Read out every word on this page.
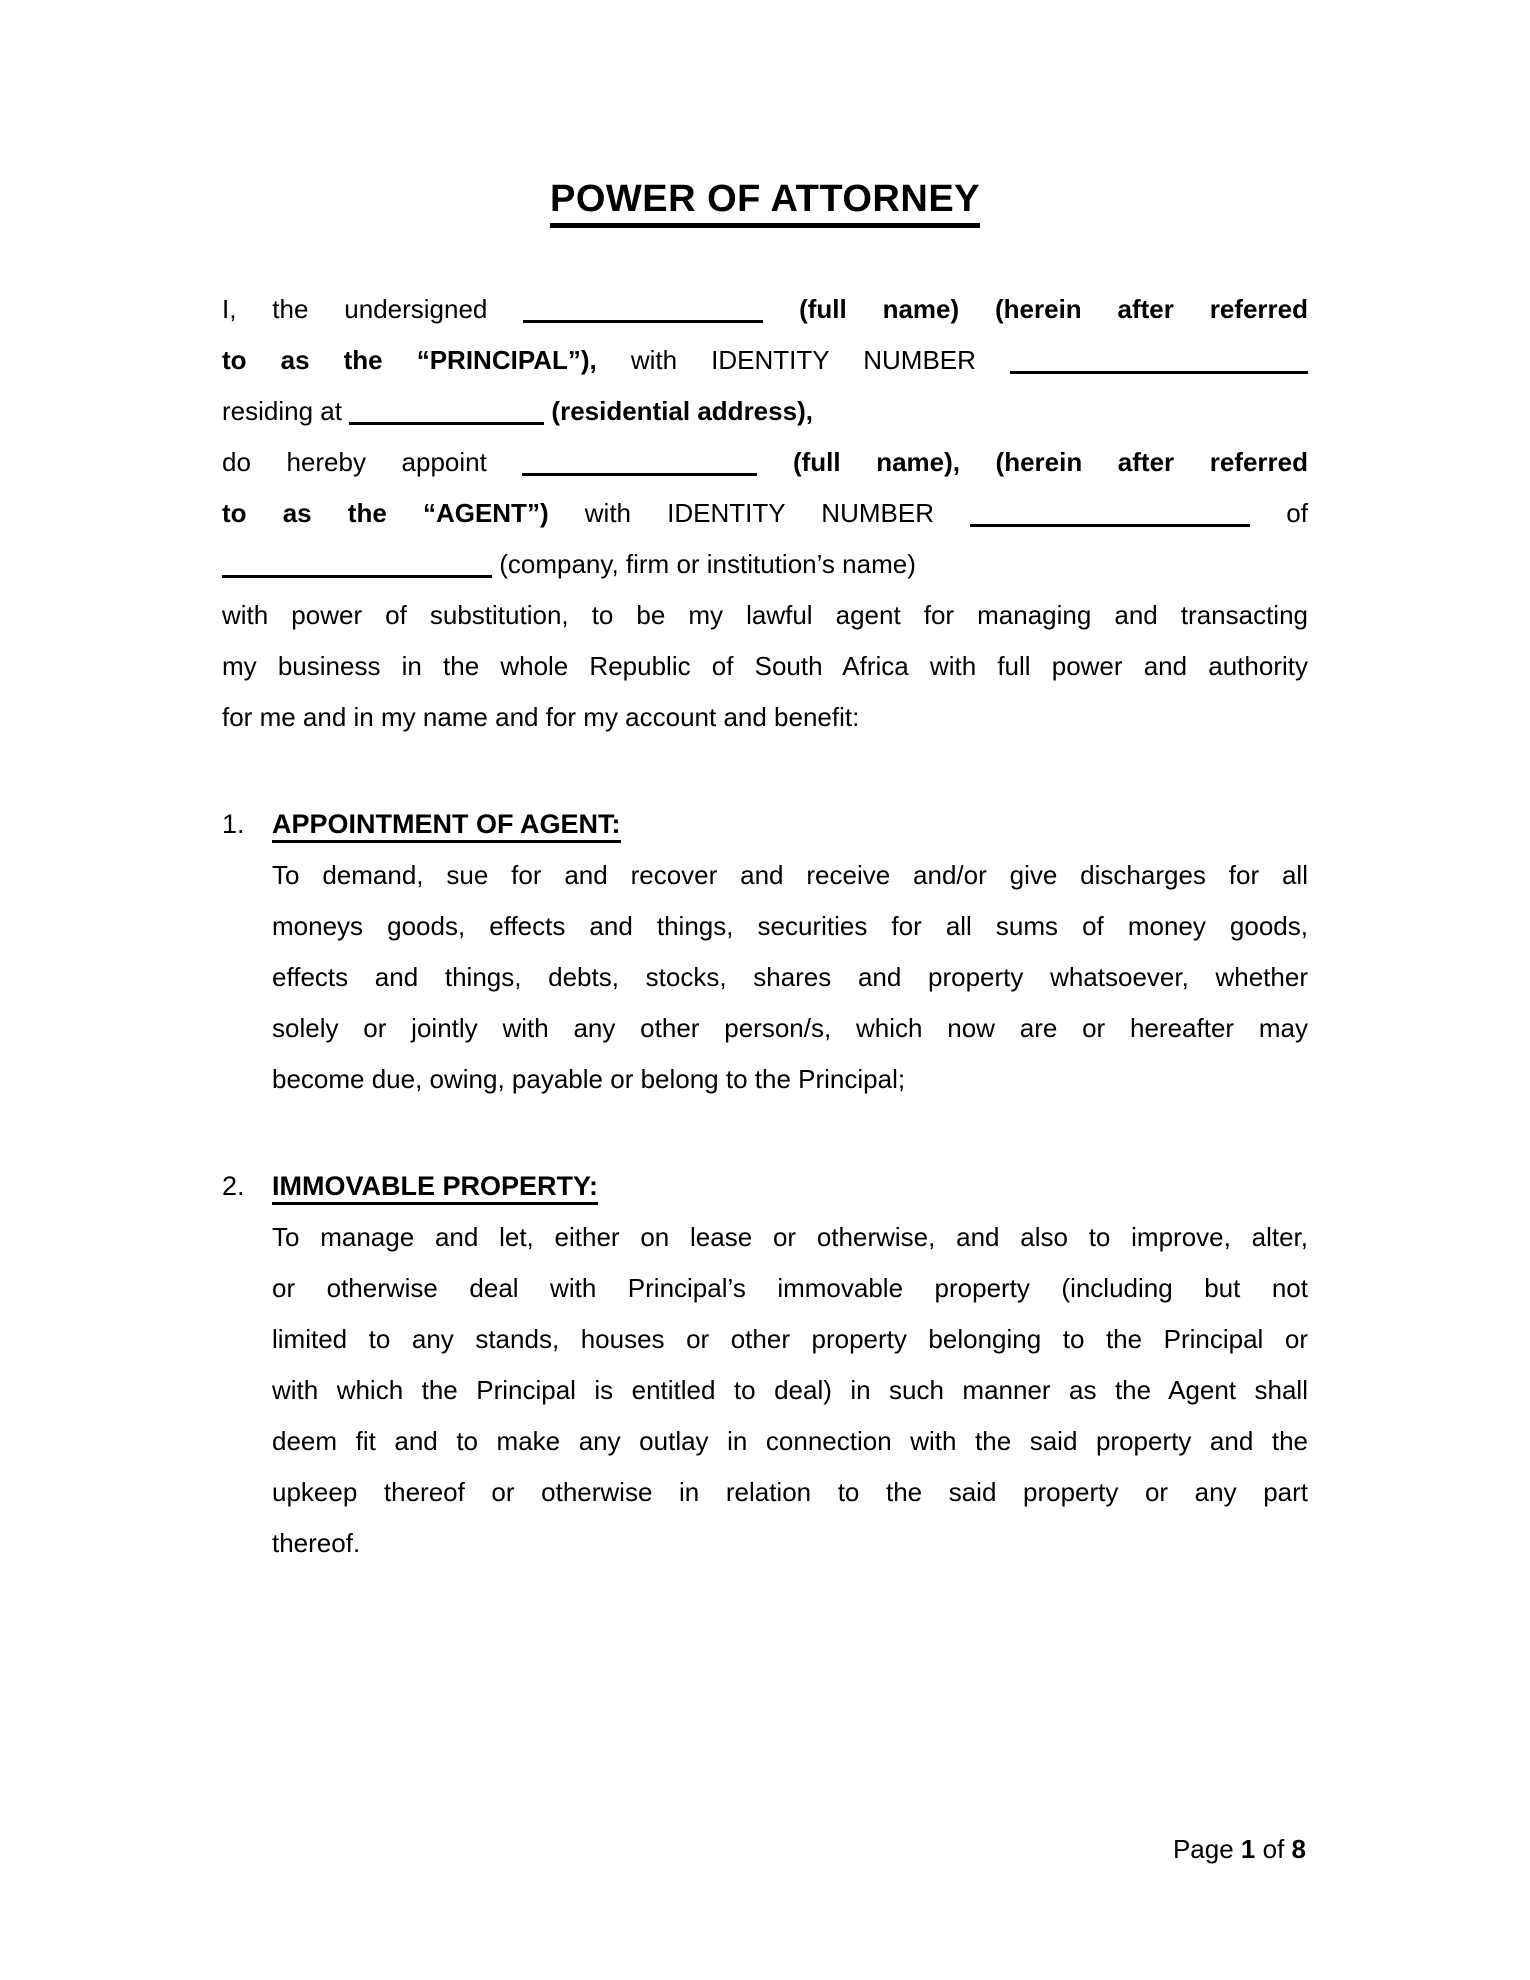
POWER OF ATTORNEY
I, the undersigned	(full name) (herein after referred
to as the “PRINCIPAL”), with IDENTITY NUMBER
residing at	(residential address),
do hereby appoint	(full name), (herein after referred
to as the “AGENT”) with IDENTITY NUMBER	of
(company, firm or institution’s name)
with power of substitution, to be my lawful agent for managing and transacting
my business in the whole Republic of South Africa with full power and authority
for me and in my name and for my account and benefit:
1. APPOINTMENT OF AGENT:
To demand, sue for and recover and receive and/or give discharges for all
moneys goods, effects and things, securities for all sums of money goods,
effects and things, debts, stocks, shares and property whatsoever, whether
solely or jointly with any other person/s, which now are or hereafter may
become due, owing, payable or belong to the Principal;
2. IMMOVABLE PROPERTY:
To manage and let, either on lease or otherwise, and also to improve, alter,
or otherwise deal with Principal’s immovable property (including but not
limited to any stands, houses or other property belonging to the Principal or
with which the Principal is entitled to deal) in such manner as the Agent shall
deem fit and to make any outlay in connection with the said property and the
upkeep thereof or otherwise in relation to the said property or any part
thereof.
Page 1 of 8
